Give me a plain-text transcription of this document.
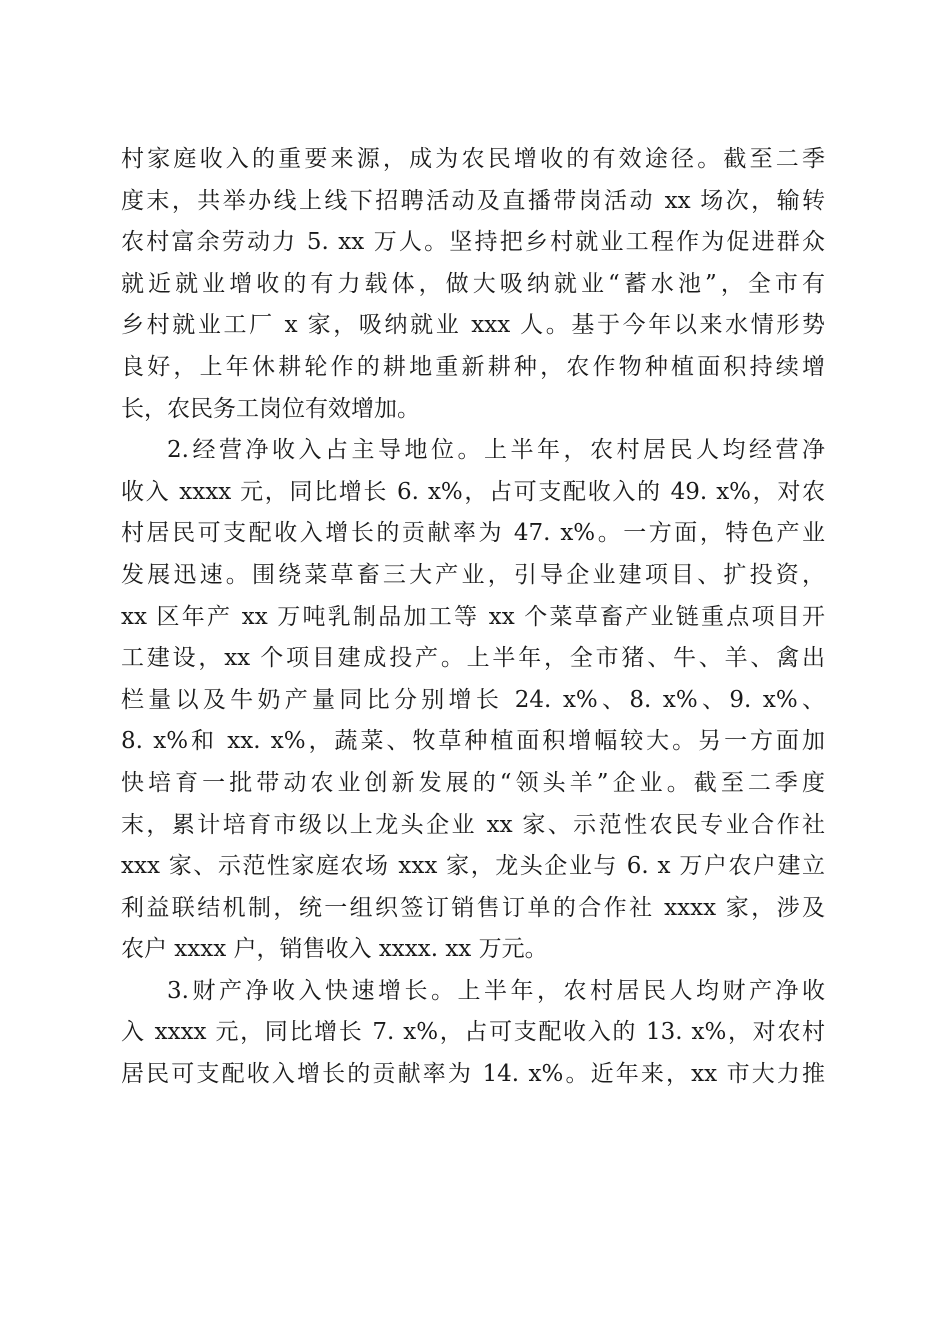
村家庭收入的重要来源，成为农民增收的有效途径。截至二季
度末，共举办线上线下招聘活动及直播带岗活动 xx 场次，输转
农村富余劳动力 5. xx 万人。坚持把乡村就业工程作为促进群众
就近就业增收的有力载体，做大吸纳就业“蓄水池”，全市有
乡村就业工厂 x 家，吸纳就业 xxx 人。基于今年以来水情形势
良好，上年休耕轮作的耕地重新耕种，农作物种植面积持续增
长，农民务工岗位有效增加。
2.经营净收入占主导地位。上半年，农村居民人均经营净
收入 xxxx 元，同比增长 6. x%，占可支配收入的 49. x%，对农
村居民可支配收入增长的贡献率为 47. x%。一方面，特色产业
发展迅速。围绕菜草畜三大产业，引导企业建项目、扩投资，
xx 区年产 xx 万吨乳制品加工等 xx 个菜草畜产业链重点项目开
工建设，xx 个项目建成投产。上半年，全市猪、牛、羊、禽出
栏量以及牛奶产量同比分别增长 24. x%、8. x%、9. x%、
8. x%和 xx. x%，蔬菜、牧草种植面积增幅较大。另一方面加
快培育一批带动农业创新发展的“领头羊”企业。截至二季度
末，累计培育市级以上龙头企业 xx 家、示范性农民专业合作社
xxx 家、示范性家庭农场 xxx 家，龙头企业与 6. x 万户农户建立
利益联结机制，统一组织签订销售订单的合作社 xxxx 家，涉及
农户 xxxx 户，销售收入 xxxx. xx 万元。
3.财产净收入快速增长。上半年，农村居民人均财产净收
入 xxxx 元，同比增长 7. x%，占可支配收入的 13. x%，对农村
居民可支配收入增长的贡献率为 14. x%。近年来，xx 市大力推
